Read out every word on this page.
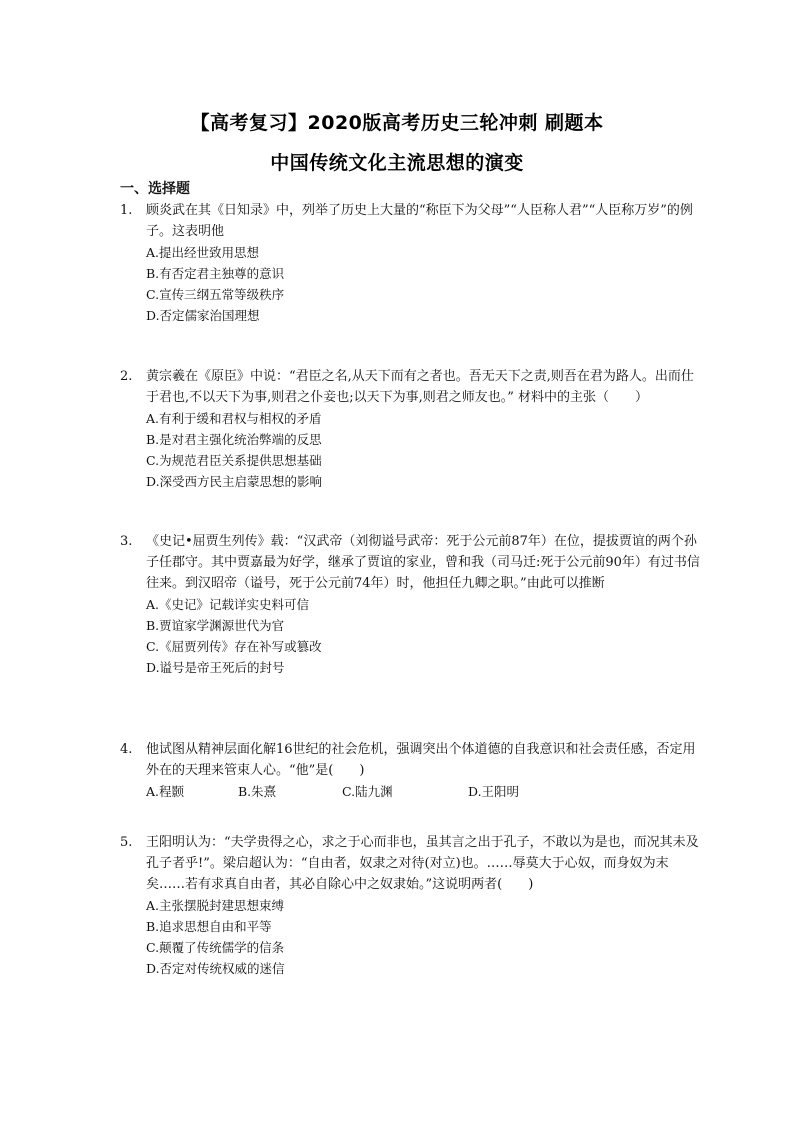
【高考复习】2020版高考历史三轮冲刺 刷题本
中国传统文化主流思想的演变
一、选择题
1. 顾炎武在其《日知录》中，列举了历史上大量的“称臣下为父母”“人臣称人君”“人臣称万岁”的例子。这表明他
A.提出经世致用思想
B.有否定君主独尊的意识
C.宣传三纲五常等级秩序
D.否定儒家治国理想
2. 黄宗羲在《原臣》中说：“君臣之名,从天下而有之者也。吾无天下之责,则吾在君为路人。出而仕于君也,不以天下为事,则君之仆妾也;以天下为事,则君之师友也。” 材料中的主张（　　）
A.有利于缓和君权与相权的矛盾
B.是对君主强化统治弊端的反思
C.为规范君臣关系提供思想基础
D.深受西方民主启蒙思想的影响
3. 《史记•屈贾生列传》载：“汉武帝（刘彻谥号武帝：死于公元前87年）在位，提拔贾谊的两个孙子任郡守。其中贾嘉最为好学，继承了贾谊的家业，曾和我（司马迁:死于公元前90年）有过书信往来。到汉昭帝（谥号，死于公元前74年）时，他担任九卿之职。”由此可以推断
A.《史记》记载详实史料可信
B.贾谊家学渊源世代为官
C.《屈贾列传》存在补写或篡改
D.谥号是帝王死后的封号
4. 他试图从精神层面化解16世纪的社会危机，强调突出个体道德的自我意识和社会责任感，否定用外在的天理来管束人心。“他”是(　　)
A.程颢	B.朱熹	C.陆九渊	D.王阳明
5. 王阳明认为：“夫学贵得之心，求之于心而非也，虽其言之出于孔子，不敢以为是也，而况其未及孔子者乎!”。梁启超认为：“自由者，奴隶之对待(对立)也。……辱莫大于心奴，而身奴为末矣……若有求真自由者，其必自除心中之奴隶始。”这说明两者(　　)
A.主张摆脱封建思想束缚
B.追求思想自由和平等
C.颠覆了传统儒学的信条
D.否定对传统权威的迷信
